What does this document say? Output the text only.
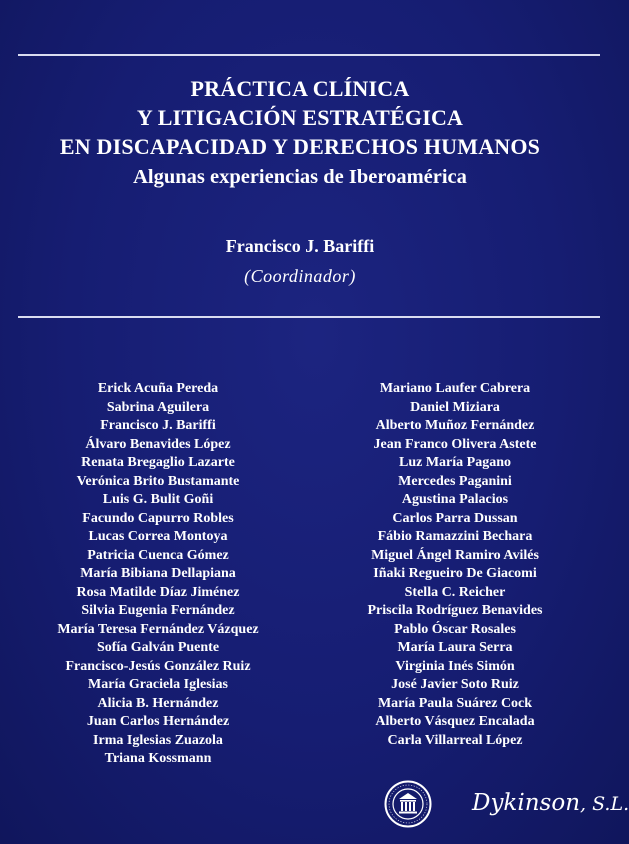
PRÁCTICA CLÍNICA
Y LITIGACIÓN ESTRATÉGICA
EN DISCAPACIDAD Y DERECHOS HUMANOS
Algunas experiencias de Iberoamérica
Francisco J. Bariffi
(Coordinador)
Erick Acuña Pereda
Sabrina Aguilera
Francisco J. Bariffi
Álvaro Benavides López
Renata Bregaglio Lazarte
Verónica Brito Bustamante
Luis G. Bulit Goñi
Facundo Capurro Robles
Lucas Correa Montoya
Patricia Cuenca Gómez
María Bibiana Dellapiana
Rosa Matilde Díaz Jiménez
Silvia Eugenia Fernández
María Teresa Fernández Vázquez
Sofía Galván Puente
Francisco-Jesús González Ruiz
María Graciela Iglesias
Alicia B. Hernández
Juan Carlos Hernández
Irma Iglesias Zuazola
Triana Kossmann
Mariano Laufer Cabrera
Daniel Miziara
Alberto Muñoz Fernández
Jean Franco Olivera Astete
Luz María Pagano
Mercedes Paganini
Agustina Palacios
Carlos Parra Dussan
Fábio Ramazzini Bechara
Miguel Ángel Ramiro Avilés
Iñaki Regueiro De Giacomi
Stella C. Reicher
Priscila Rodríguez Benavides
Pablo Óscar Rosales
María Laura Serra
Virginia Inés Simón
José Javier Soto Ruiz
María Paula Suárez Cock
Alberto Vásquez Encalada
Carla Villarreal López
Dykinson, S.L.
